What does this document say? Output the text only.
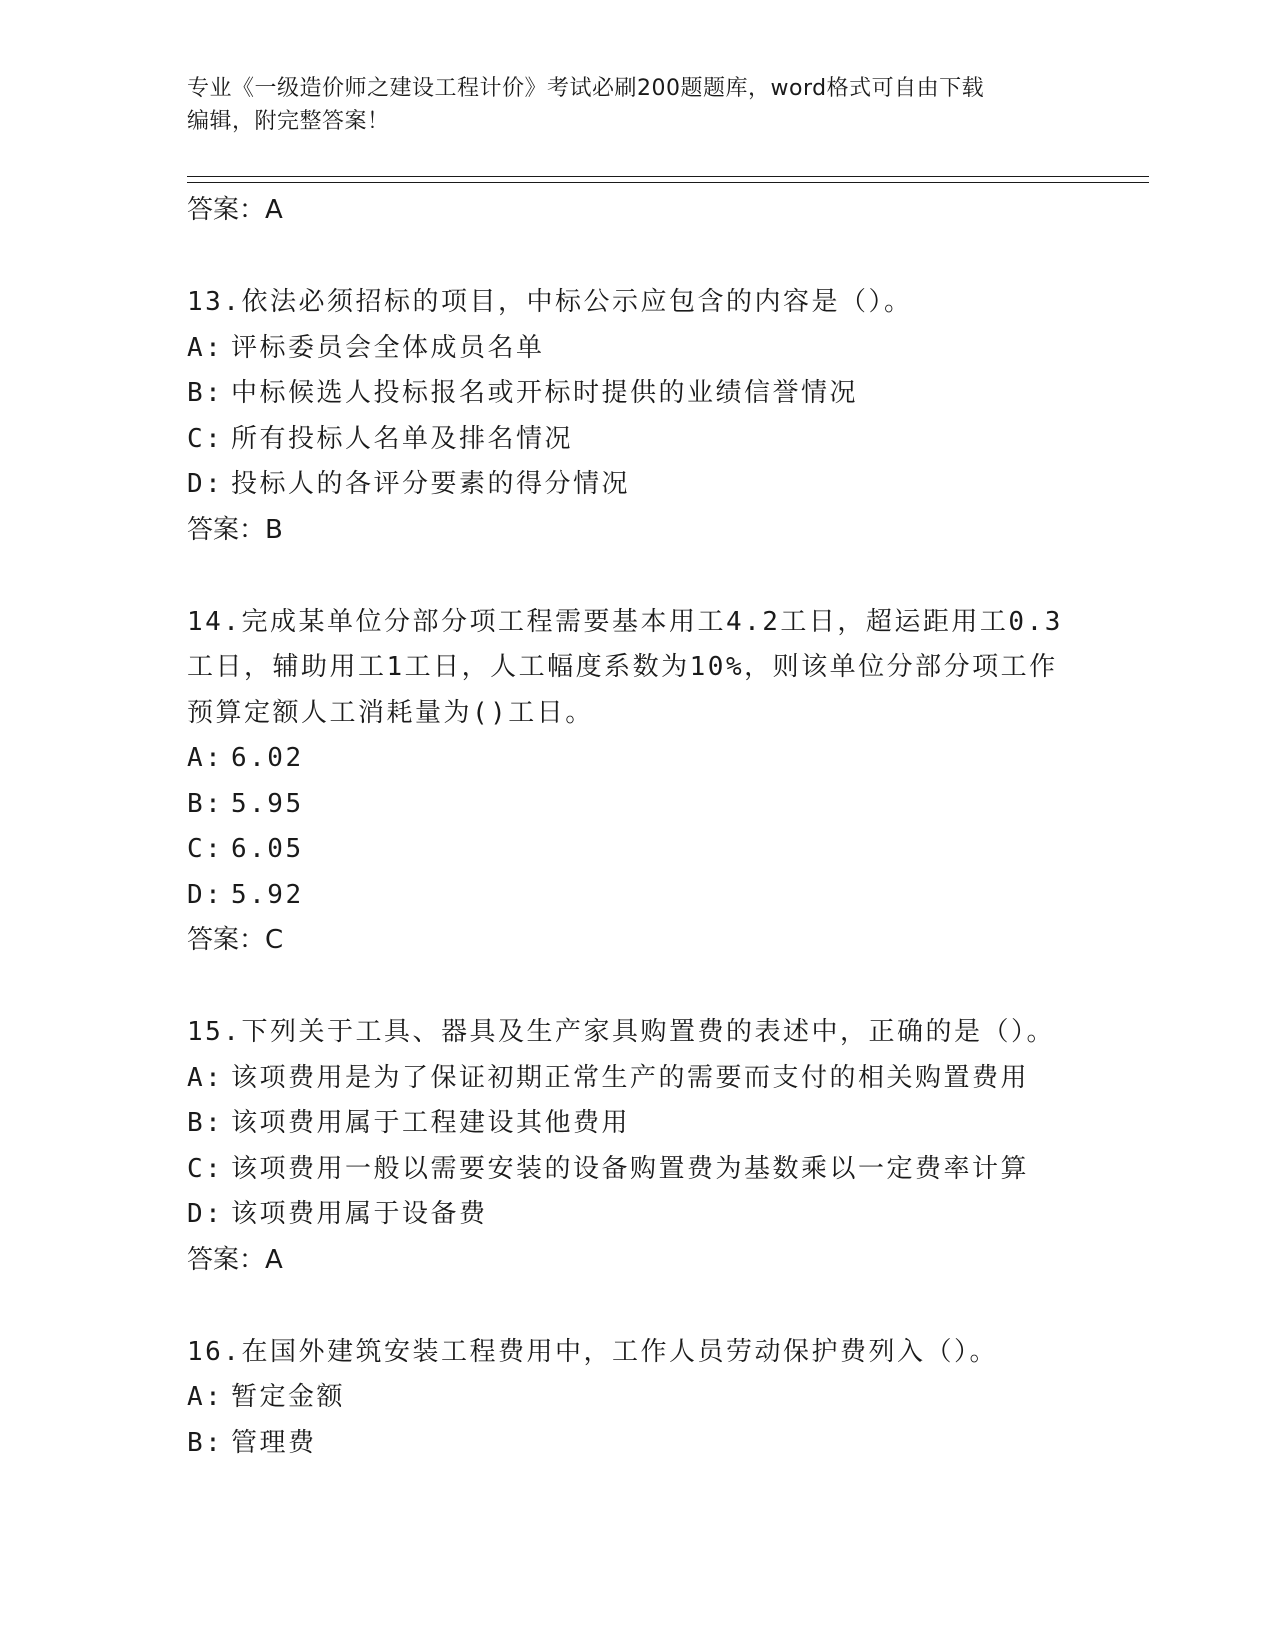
专业《一级造价师之建设工程计价》考试必刷200题题库，word格式可自由下载
编辑，附完整答案！
答案：A
13.依法必须招标的项目，中标公示应包含的内容是（）。
A: 评标委员会全体成员名单
B: 中标候选人投标报名或开标时提供的业绩信誉情况
C: 所有投标人名单及排名情况
D: 投标人的各评分要素的得分情况
答案：B
14.完成某单位分部分项工程需要基本用工4.2工日，超运距用工0.3
工日，辅助用工1工日，人工幅度系数为10%，则该单位分部分项工作
预算定额人工消耗量为()工日。
A: 6.02
B: 5.95
C: 6.05
D: 5.92
答案：C
15.下列关于工具、器具及生产家具购置费的表述中，正确的是（）。
A: 该项费用是为了保证初期正常生产的需要而支付的相关购置费用
B: 该项费用属于工程建设其他费用
C: 该项费用一般以需要安装的设备购置费为基数乘以一定费率计算
D: 该项费用属于设备费
答案：A
16.在国外建筑安装工程费用中，工作人员劳动保护费列入（）。
A: 暂定金额
B: 管理费
